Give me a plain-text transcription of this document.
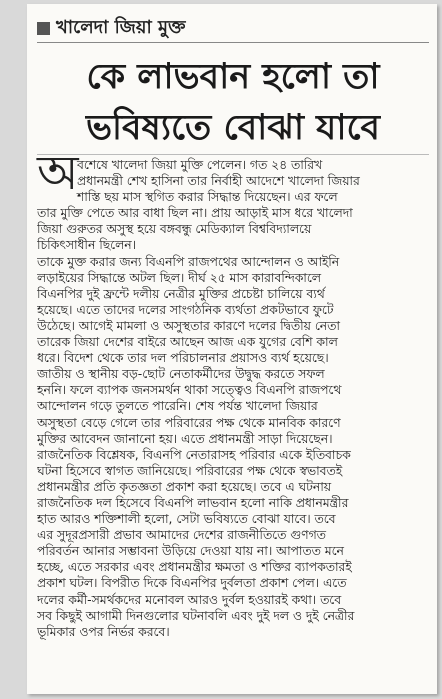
খালেদা জিয়া মুক্ত
কে লাভবান হলো তা
ভবিষ্যতে বোঝা যাবে
অ
বশেষে খালেদা জিয়া মুক্তি পেলেন। গত ২৪ তারিখ
প্রধানমন্ত্রী শেখ হাসিনা তার নির্বাহী আদেশে খালেদা জিয়ার
শাস্তি ছয় মাস স্থগিত করার সিদ্ধান্ত দিয়েছেন। এর ফলে
তার মুক্তি পেতে আর বাধা ছিল না। প্রায় আড়াই মাস ধরে খালেদা
জিয়া গুরুতর অসুস্থ হয়ে বঙ্গবন্ধু মেডিক্যাল বিশ্ববিদ্যালয়ে
চিকিৎসাধীন ছিলেন।
তাকে মুক্ত করার জন্য বিএনপি রাজপথের আন্দোলন ও আইনি
লড়াইয়ের সিদ্ধান্তে অটল ছিল। দীর্ঘ ২৫ মাস কারাবন্দিকালে
বিএনপির দুই ফ্রন্টে দলীয় নেত্রীর মুক্তির প্রচেষ্টা চালিয়ে ব্যর্থ
হয়েছে। এতে তাদের দলের সাংগঠনিক ব্যর্থতা প্রকটভাবে ফুটে
উঠেছে। আগেই মামলা ও অসুস্থতার কারণে দলের দ্বিতীয় নেতা
তারেক জিয়া দেশের বাইরে আছেন আজ এক যুগের বেশি কাল
ধরে। বিদেশ থেকে তার দল পরিচালনার প্রয়াসও ব্যর্থ হয়েছে।
জাতীয় ও স্থানীয় বড়-ছোট নেতাকর্মীদের উদ্বুদ্ধ করতে সফল
হননি। ফলে ব্যাপক জনসমর্থন থাকা সত্ত্বেও বিএনপি রাজপথে
আন্দোলন গড়ে তুলতে পারেনি। শেষ পর্যন্ত খালেদা জিয়ার
অসুস্থতা বেড়ে গেলে তার পরিবারের পক্ষ থেকে মানবিক কারণে
মুক্তির আবেদন জানানো হয়। এতে প্রধানমন্ত্রী সাড়া দিয়েছেন।
রাজনৈতিক বিশ্লেষক, বিএনপি নেতারাসহ পরিবার একে ইতিবাচক
ঘটনা হিসেবে স্বাগত জানিয়েছে। পরিবারের পক্ষ থেকে স্বভাবতই
প্রধানমন্ত্রীর প্রতি কৃতজ্ঞতা প্রকাশ করা হয়েছে। তবে এ ঘটনায়
রাজনৈতিক দল হিসেবে বিএনপি লাভবান হলো নাকি প্রধানমন্ত্রীর
হাত আরও শক্তিশালী হলো, সেটা ভবিষ্যতে বোঝা যাবে। তবে
এর সুদূরপ্রসারী প্রভাব আমাদের দেশের রাজনীতিতে গুণগত
পরিবর্তন আনার সম্ভাবনা উড়িয়ে দেওয়া যায় না। আপাতত মনে
হচ্ছে, এতে সরকার এবং প্রধানমন্ত্রীর ক্ষমতা ও শক্তির ব্যাপকতারই
প্রকাশ ঘটল। বিপরীত দিকে বিএনপির দুর্বলতা প্রকাশ পেল। এতে
দলের কর্মী-সমর্থকদের মনোবল আরও দুর্বল হওয়ারই কথা। তবে
সব কিছুই আগামী দিনগুলোর ঘটনাবলি এবং দুই দল ও দুই নেত্রীর
ভূমিকার ওপর নির্ভর করবে।
